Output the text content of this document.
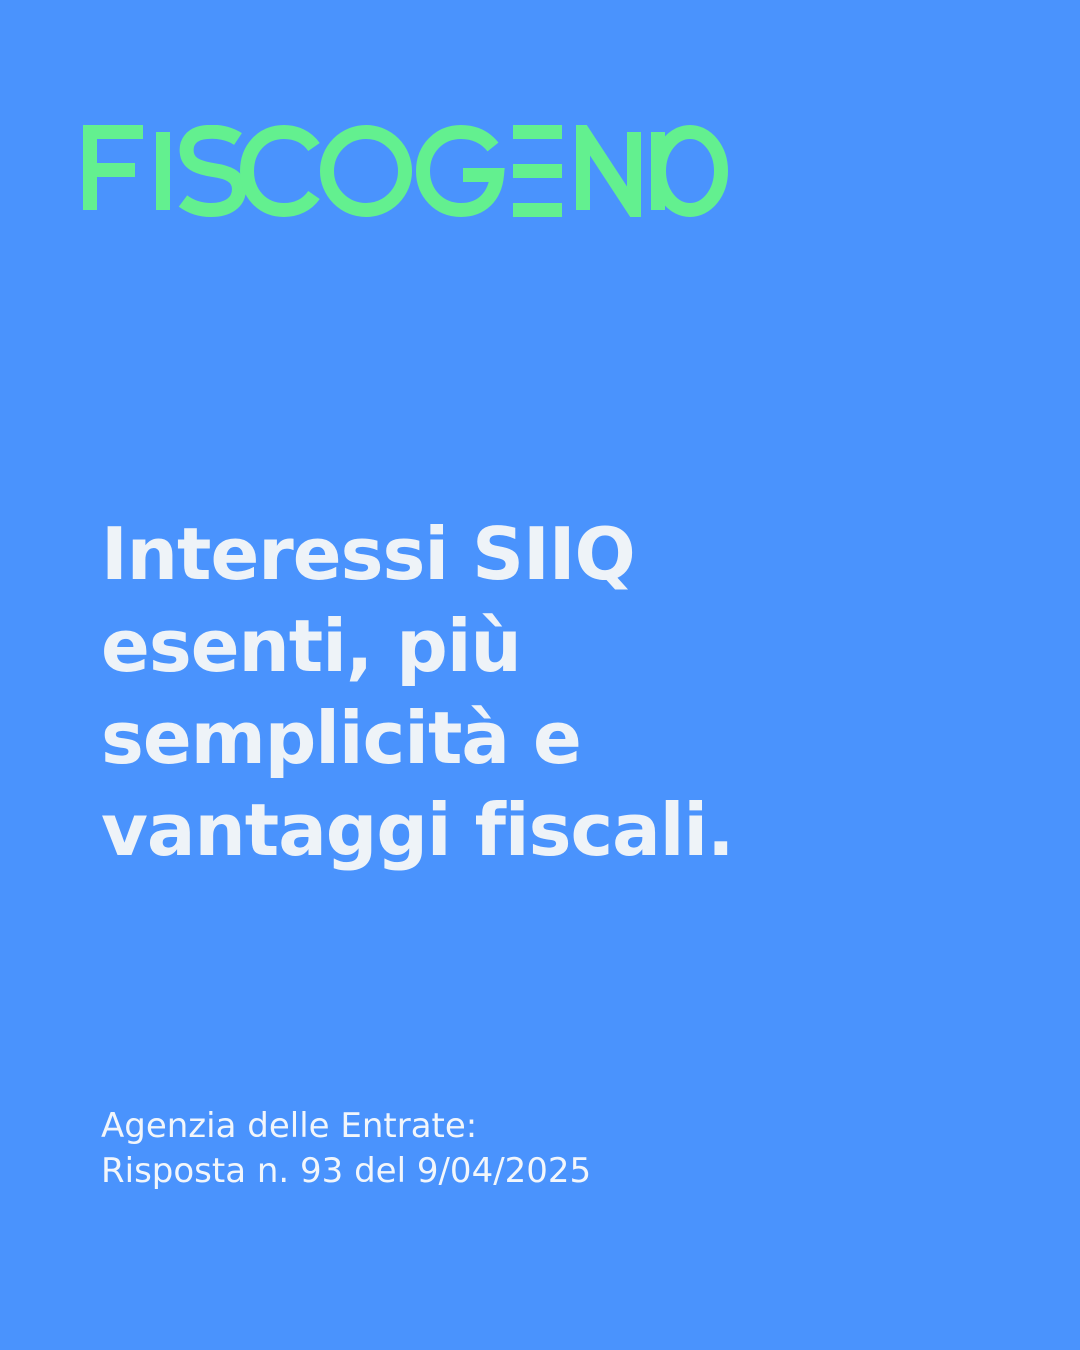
Interessi SIIQ
esenti, più
semplicità e
vantaggi fiscali.
Agenzia delle Entrate:
Risposta n. 93 del 9/04/2025
